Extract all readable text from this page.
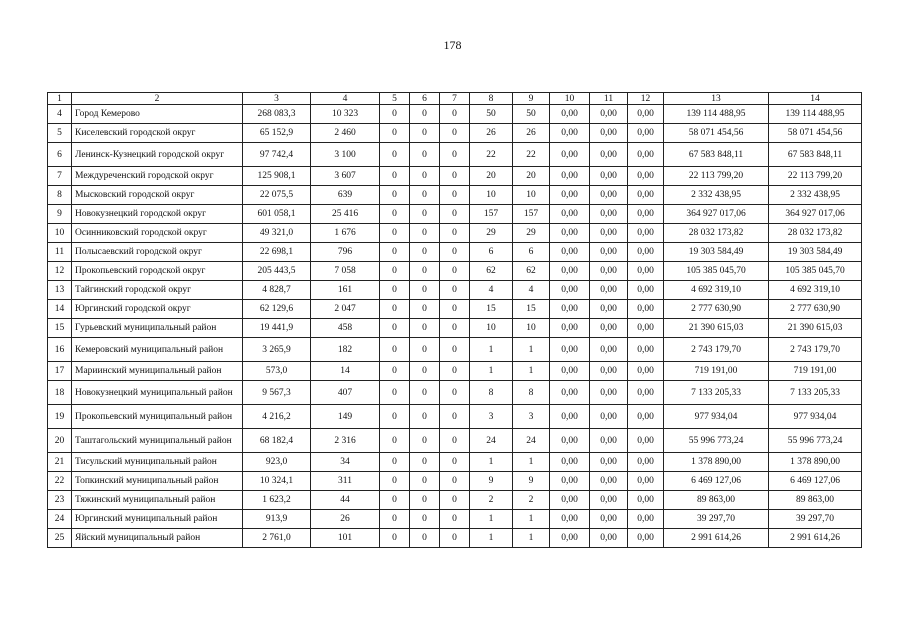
178
1	2	3	4	5	6	7	8	9	10	11	12	13	14
4	Город Кемерово	268 083,3	10 323	0	0	0	50	50	0,00	0,00	0,00	139 114 488,95	139 114 488,95
5	Киселевский городской округ	65 152,9	2 460	0	0	0	26	26	0,00	0,00	0,00	58 071 454,56	58 071 454,56
6	Ленинск-Кузнецкий городской округ	97 742,4	3 100	0	0	0	22	22	0,00	0,00	0,00	67 583 848,11	67 583 848,11
7	Междуреченский городской округ	125 908,1	3 607	0	0	0	20	20	0,00	0,00	0,00	22 113 799,20	22 113 799,20
8	Мысковский городской округ	22 075,5	639	0	0	0	10	10	0,00	0,00	0,00	2 332 438,95	2 332 438,95
9	Новокузнецкий городской округ	601 058,1	25 416	0	0	0	157	157	0,00	0,00	0,00	364 927 017,06	364 927 017,06
10	Осинниковский городской округ	49 321,0	1 676	0	0	0	29	29	0,00	0,00	0,00	28 032 173,82	28 032 173,82
11	Полысаевский городской округ	22 698,1	796	0	0	0	6	6	0,00	0,00	0,00	19 303 584,49	19 303 584,49
12	Прокопьевский городской округ	205 443,5	7 058	0	0	0	62	62	0,00	0,00	0,00	105 385 045,70	105 385 045,70
13	Тайгинский городской округ	4 828,7	161	0	0	0	4	4	0,00	0,00	0,00	4 692 319,10	4 692 319,10
14	Юргинский городской округ	62 129,6	2 047	0	0	0	15	15	0,00	0,00	0,00	2 777 630,90	2 777 630,90
15	Гурьевский муниципальный район	19 441,9	458	0	0	0	10	10	0,00	0,00	0,00	21 390 615,03	21 390 615,03
16	Кемеровский муниципальный район	3 265,9	182	0	0	0	1	1	0,00	0,00	0,00	2 743 179,70	2 743 179,70
17	Мариинский муниципальный район	573,0	14	0	0	0	1	1	0,00	0,00	0,00	719 191,00	719 191,00
18	Новокузнецкий муниципальный район	9 567,3	407	0	0	0	8	8	0,00	0,00	0,00	7 133 205,33	7 133 205,33
19	Прокопьевский муниципальный район	4 216,2	149	0	0	0	3	3	0,00	0,00	0,00	977 934,04	977 934,04
20	Таштагольский муниципальный район	68 182,4	2 316	0	0	0	24	24	0,00	0,00	0,00	55 996 773,24	55 996 773,24
21	Тисульский муниципальный район	923,0	34	0	0	0	1	1	0,00	0,00	0,00	1 378 890,00	1 378 890,00
22	Топкинский муниципальный район	10 324,1	311	0	0	0	9	9	0,00	0,00	0,00	6 469 127,06	6 469 127,06
23	Тяжинский муниципальный район	1 623,2	44	0	0	0	2	2	0,00	0,00	0,00	89 863,00	89 863,00
24	Юргинский муниципальный район	913,9	26	0	0	0	1	1	0,00	0,00	0,00	39 297,70	39 297,70
25	Яйский муниципальный район	2 761,0	101	0	0	0	1	1	0,00	0,00	0,00	2 991 614,26	2 991 614,26
